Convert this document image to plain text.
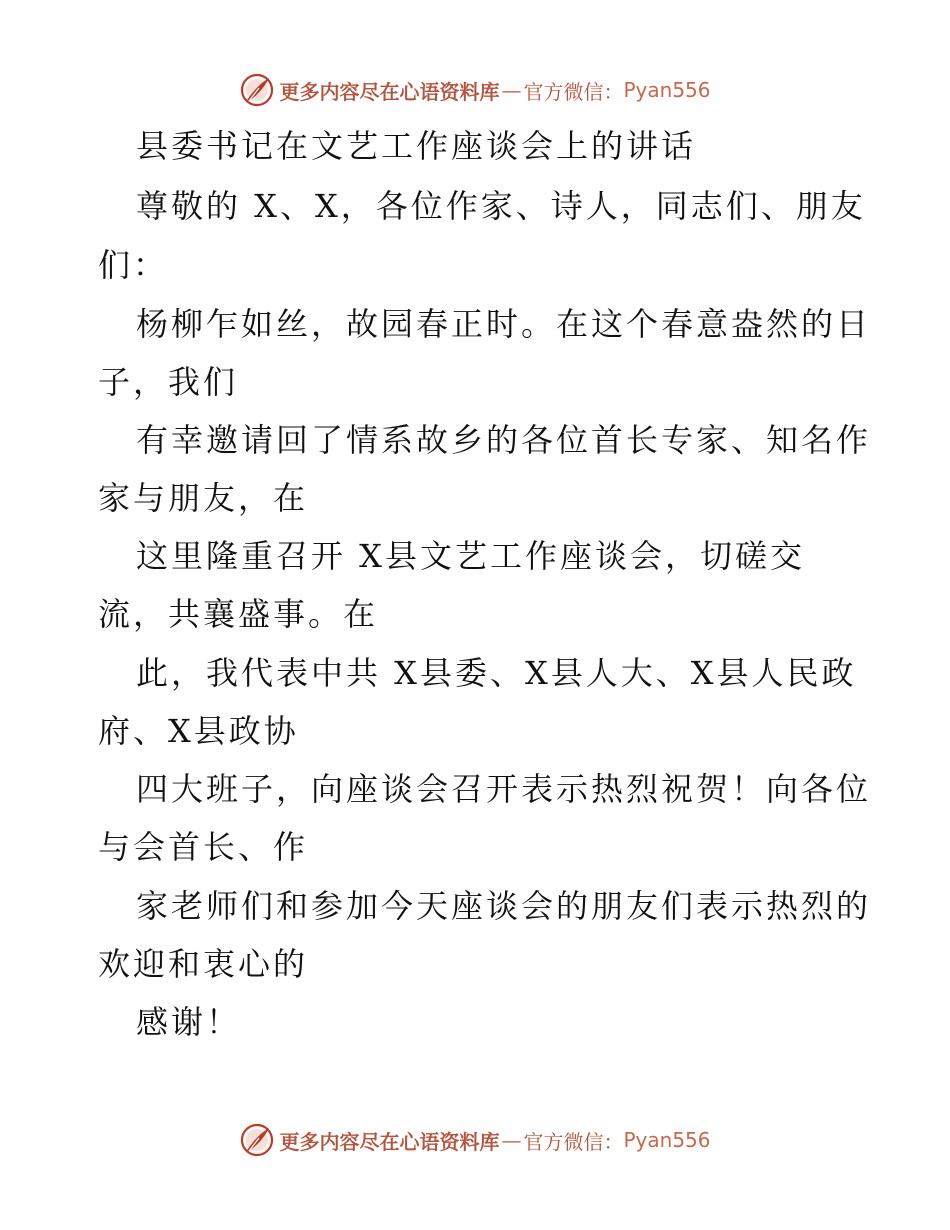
更多内容尽在心语资料库 — 官方微信： Pyan556
县委书记在文艺工作座谈会上的讲话
尊敬的 X、X，各位作家、诗人，同志们、朋友
们：
杨柳乍如丝，故园春正时。在这个春意盎然的日
子，我们
有幸邀请回了情系故乡的各位首长专家、知名作
家与朋友，在
这里隆重召开 X县文艺工作座谈会，切磋交
流，共襄盛事。在
此，我代表中共 X县委、X县人大、X县人民政
府、X县政协
四大班子，向座谈会召开表示热烈祝贺！向各位
与会首长、作
家老师们和参加今天座谈会的朋友们表示热烈的
欢迎和衷心的
感谢！
更多内容尽在心语资料库 — 官方微信： Pyan556
